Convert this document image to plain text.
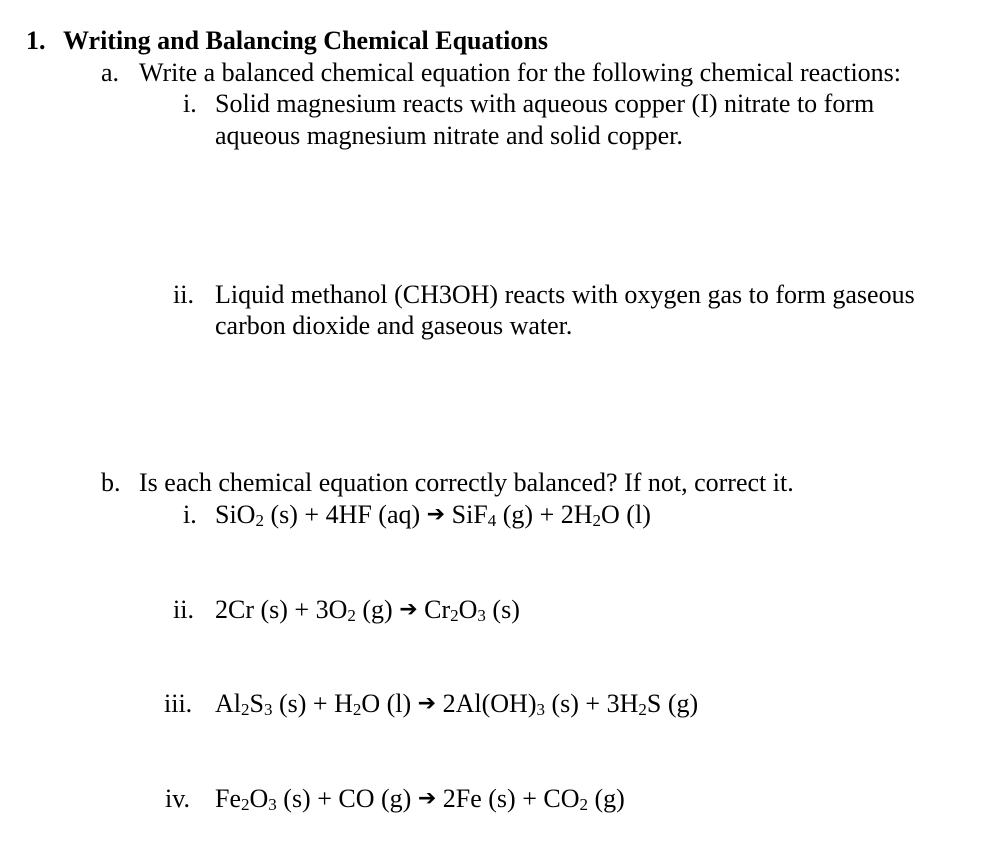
1. Writing and Balancing Chemical Equations
a. Write a balanced chemical equation for the following chemical reactions:
i. Solid magnesium reacts with aqueous copper (I) nitrate to form
aqueous magnesium nitrate and solid copper.
ii. Liquid methanol (CH3OH) reacts with oxygen gas to form gaseous
carbon dioxide and gaseous water.
b. Is each chemical equation correctly balanced? If not, correct it.
i. SiO$_2$ (s) + 4HF (aq) ➔ SiF$_4$ $(g) + 2H_2O$ (l)
ii. 2Cr $(s) + 3O_2$ (g) ➔ $Cr_2O_3$ (s)
iii. $Al_2S_3$ $(s) + H_2O$ (l) ➔ $2Al(OH)_3$ $(s) + 3H_2S$ (g)
iv. $Fe_2O_3$ (s) + CO (g) ➔ 2Fe $(s) + CO_2$ (g)
